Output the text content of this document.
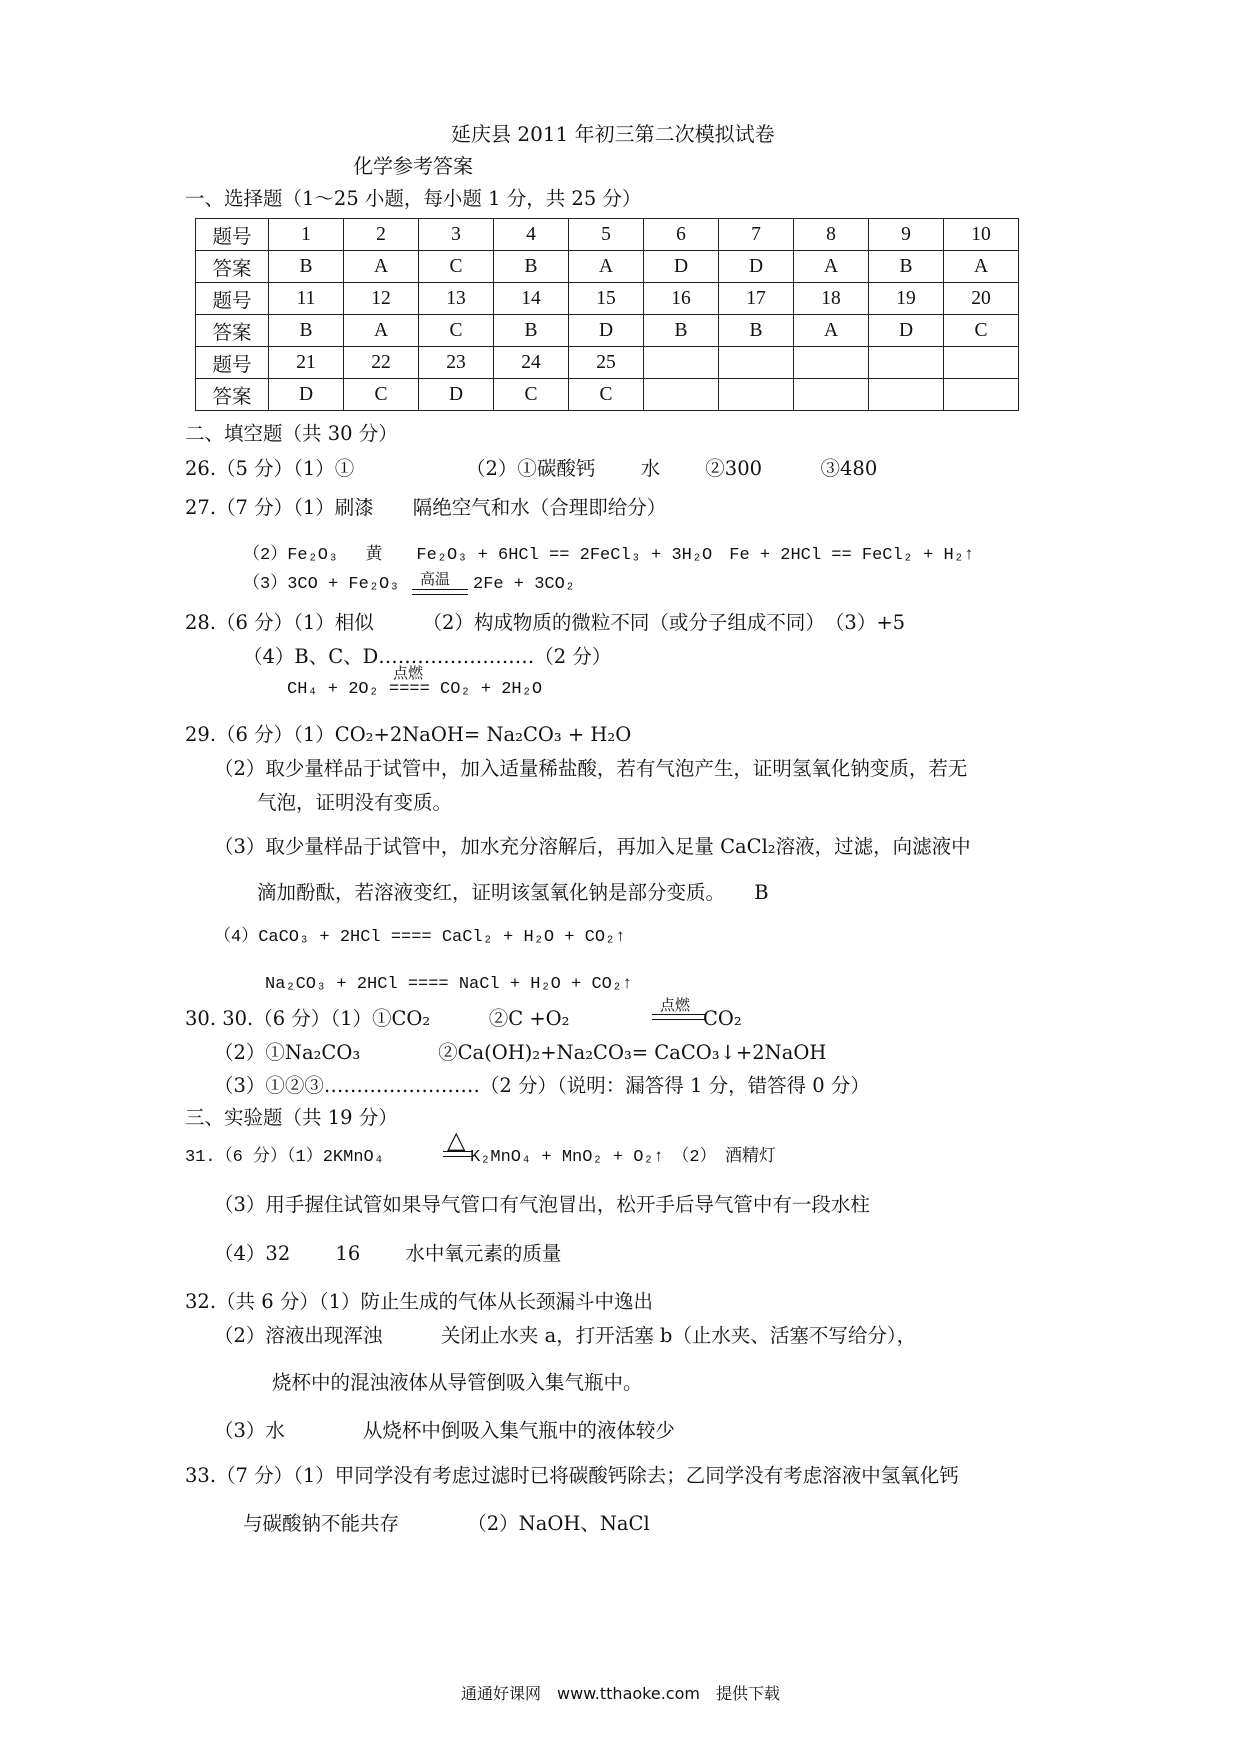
延庆县 2011 年初三第二次模拟试卷
化学参考答案
一、选择题（1～25 小题，每小题 1 分，共 25 分）
题号	1	2	3	4	5	6	7	8	9	10
答案	B	A	C	B	A	D	D	A	B	A
题号	11	12	13	14	15	16	17	18	19	20
答案	B	A	C	B	D	B	B	A	D	C
题号	21	22	23	24	25					
答案	D	C	D	C	C					
二、填空题（共 30 分）
26.（5 分）（1）①	（2）①碳酸钙　　 水　　 ②300　　　③480
27.（7 分）（1）刷漆　　隔绝空气和水（合理即给分）
（2）Fe₂O₃　 黄　　Fe₂O₃ + 6HCl == 2FeCl₃ + 3H₂O　Fe + 2HCl == FeCl₂ + H₂↑
（3）3CO + Fe₂O₃ 高温 2Fe + 3CO₂
28.（6 分）（1）相似　　　（2）构成物质的微粒不同（或分子组成不同）　（3）+5
（4）B、C、D……………………（2 分）
点燃
CH₄ + 2O₂ ==== CO₂ + 2H₂O
29.（6 分）（1）CO₂+2NaOH= Na₂CO₃ + H₂O
（2）取少量样品于试管中，加入适量稀盐酸，若有气泡产生，证明氢氧化钠变质，若无
气泡，证明没有变质。
（3）取少量样品于试管中，加水充分溶解后，再加入足量 CaCl₂溶液，过滤，向滤液中
滴加酚酞，若溶液变红，证明该氢氧化钠是部分变质。　　B
（4）CaCO₃ + 2HCl ==== CaCl₂ + H₂O + CO₂↑
Na₂CO₃ + 2HCl ==== NaCl + H₂O + CO₂↑
30. 30.（6 分）（1）①CO₂　　　②C +O₂
点燃
CO₂
（2）①Na₂CO₃　　　　②Ca(OH)₂+Na₂CO₃= CaCO₃↓+2NaOH
（3）①②③……………………（2 分）（说明：漏答得 1 分，错答得 0 分）
三、实验题（共 19 分）
31.（6 分）（1）2KMnO₄
△
K₂MnO₄ + MnO₂ + O₂↑　（2）　酒精灯
（3）用手握住试管如果导气管口有气泡冒出，松开手后导气管中有一段水柱
（4）32　　 16　　 水中氧元素的质量
32.（共 6 分）（1）防止生成的气体从长颈漏斗中逸出
（2）溶液出现浑浊　　　关闭止水夹 a，打开活塞 b（止水夹、活塞不写给分），
烧杯中的混浊液体从导管倒吸入集气瓶中。
（3）水　　　　从烧杯中倒吸入集气瓶中的液体较少
33.（7 分）（1）甲同学没有考虑过滤时已将碳酸钙除去；乙同学没有考虑溶液中氢氧化钙
与碳酸钠不能共存　　　　（2）NaOH、NaCl
通通好课网　www.tthaoke.com　提供下载
